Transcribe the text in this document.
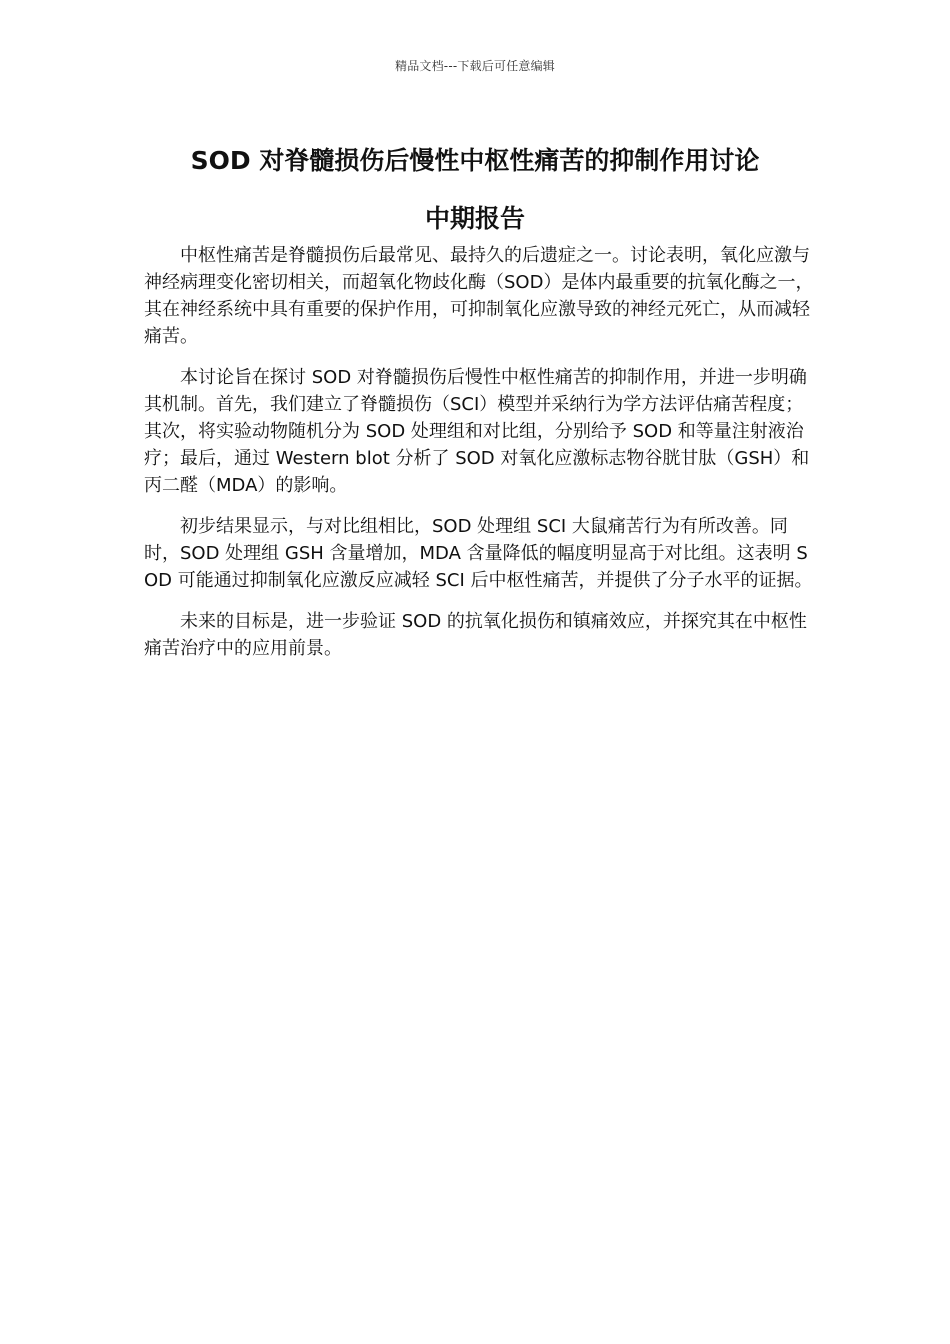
精品文档---下载后可任意编辑
SOD 对脊髓损伤后慢性中枢性痛苦的抑制作用讨论
中期报告

中枢性痛苦是脊髓损伤后最常见、最持久的后遗症之一。讨论表明，氧化应激与神经病理变化密切相关，而超氧化物歧化酶（SOD）是体内最重要的抗氧化酶之一，其在神经系统中具有重要的保护作用，可抑制氧化应激导致的神经元死亡，从而减轻痛苦。

本讨论旨在探讨 SOD 对脊髓损伤后慢性中枢性痛苦的抑制作用，并进一步明确其机制。首先，我们建立了脊髓损伤（SCI）模型并采纳行为学方法评估痛苦程度；其次，将实验动物随机分为 SOD 处理组和对比组，分别给予 SOD 和等量注射液治疗；最后，通过 Western blot 分析了 SOD 对氧化应激标志物谷胱甘肽（GSH）和丙二醛（MDA）的影响。

初步结果显示，与对比组相比，SOD 处理组 SCI 大鼠痛苦行为有所改善。同时，SOD 处理组 GSH 含量增加，MDA 含量降低的幅度明显高于对比组。这表明 SOD 可能通过抑制氧化应激反应减轻 SCI 后中枢性痛苦，并提供了分子水平的证据。

未来的目标是，进一步验证 SOD 的抗氧化损伤和镇痛效应，并探究其在中枢性痛苦治疗中的应用前景。
